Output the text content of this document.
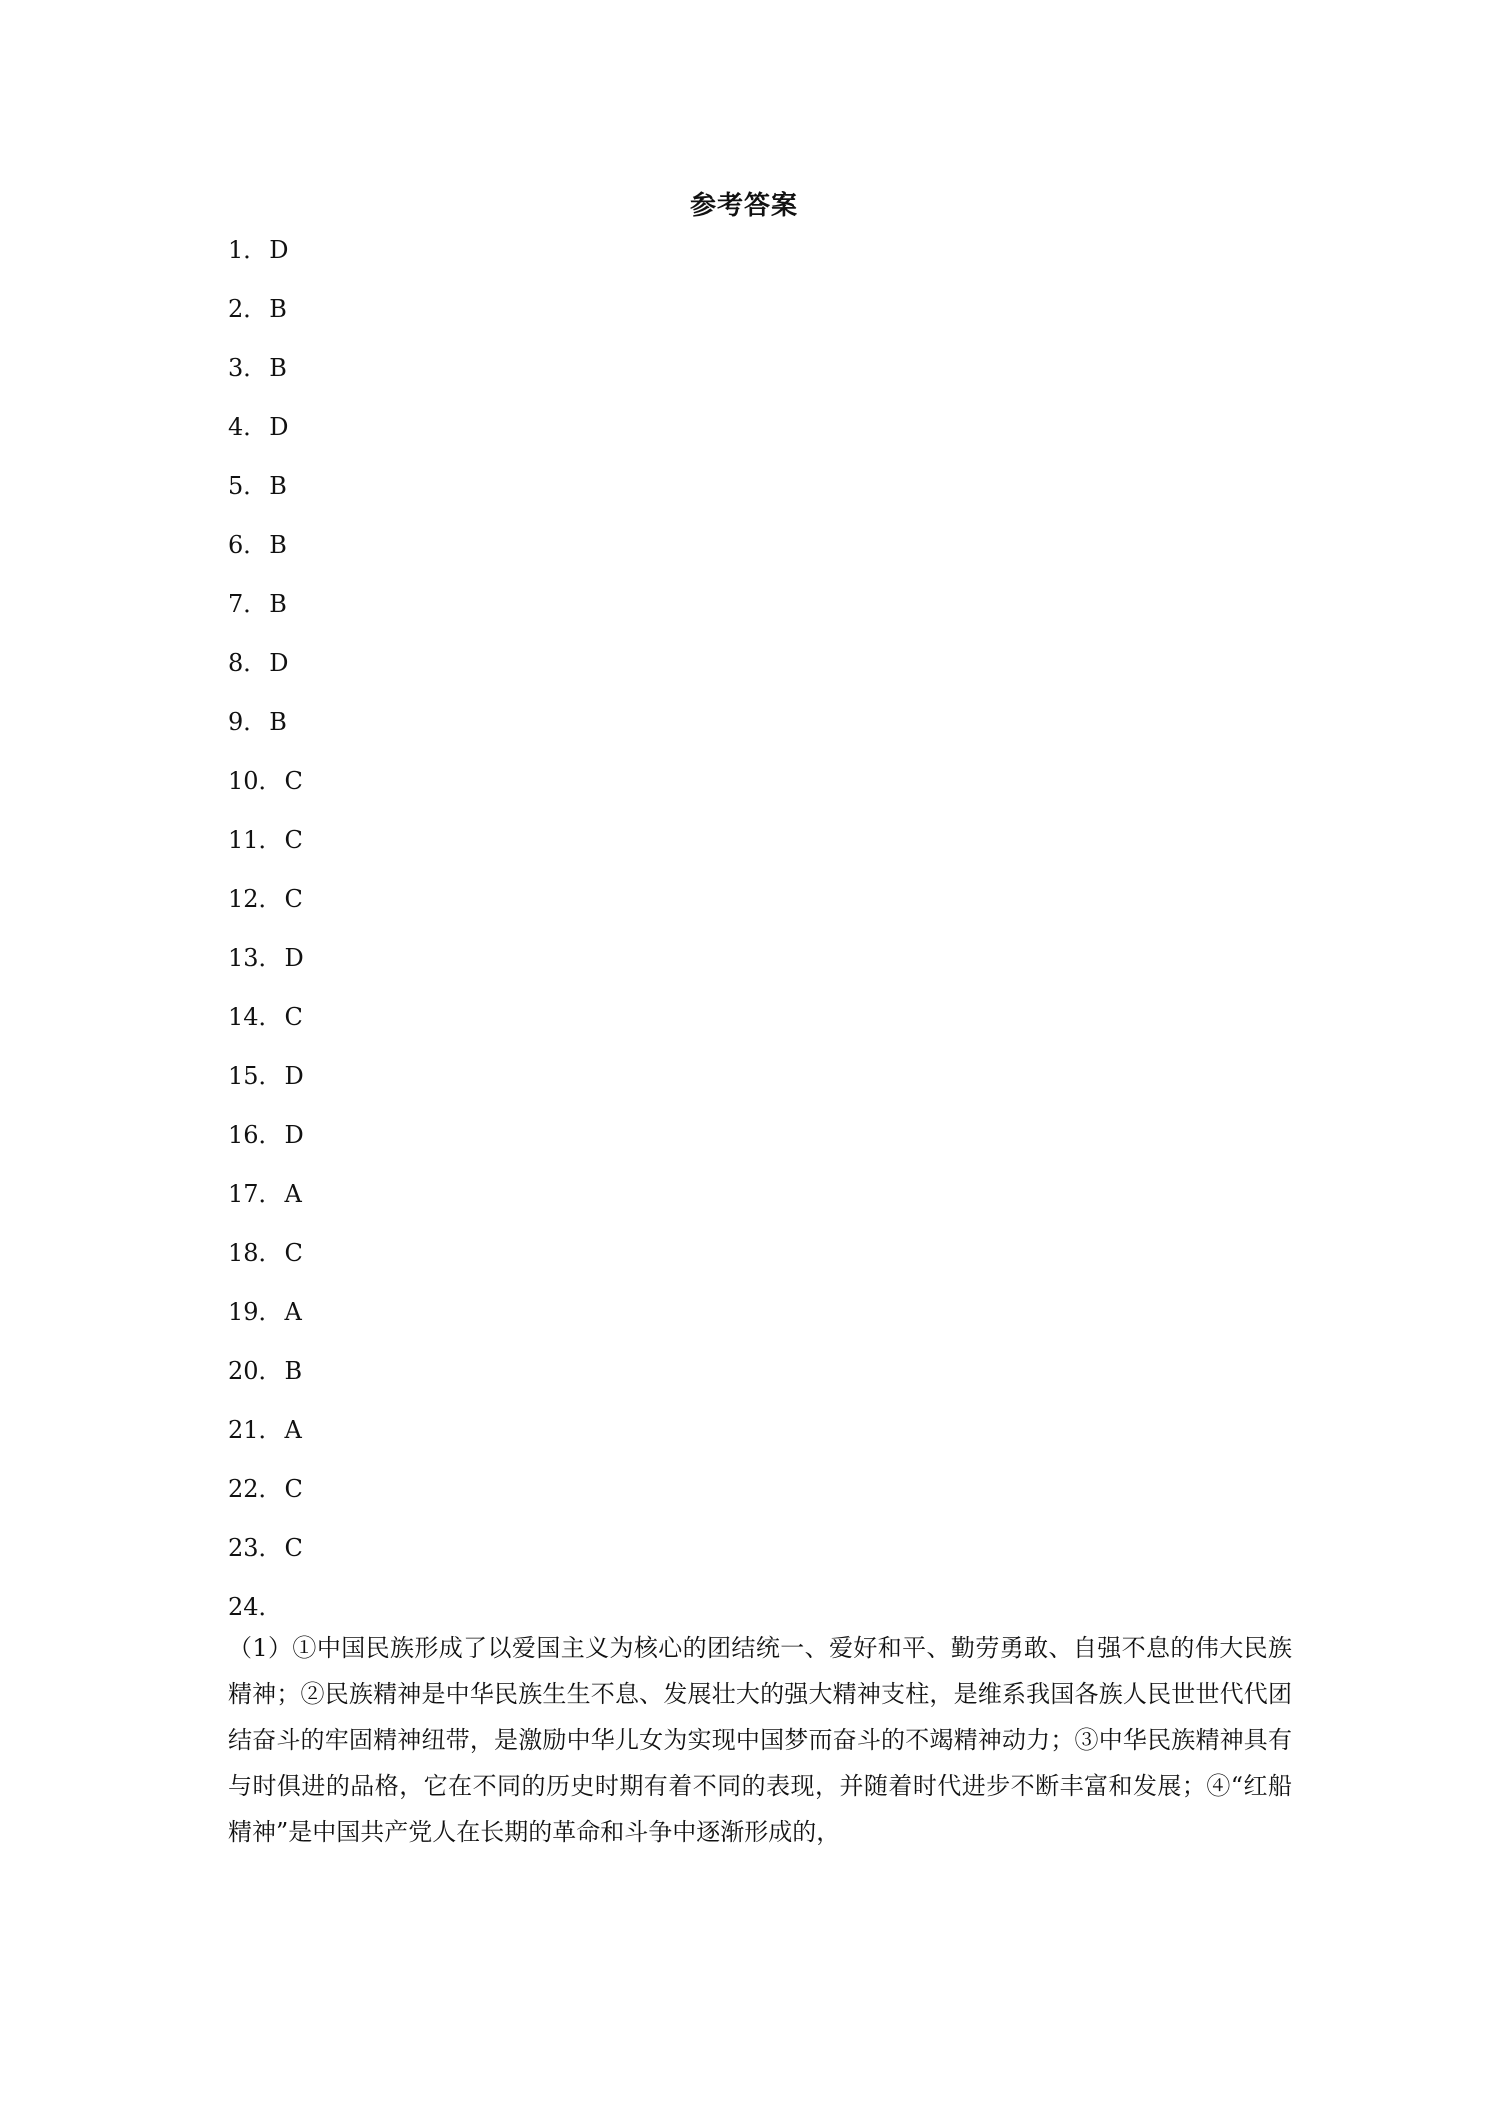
参考答案
1．D
2．B
3．B
4．D
5．B
6．B
7．B
8．D
9．B
10．C
11．C
12．C
13．D
14．C
15．D
16．D
17．A
18．C
19．A
20．B
21．A
22．C
23．C
24．
（1）①中国民族形成了以爱国主义为核心的团结统一、爱好和平、勤劳勇敢、自强不息的伟大民族精神；②民族精神是中华民族生生不息、发展壮大的强大精神支柱，是维系我国各族人民世世代代团结奋斗的牢固精神纽带，是激励中华儿女为实现中国梦而奋斗的不竭精神动力；③中华民族精神具有与时俱进的品格，它在不同的历史时期有着不同的表现，并随着时代进步不断丰富和发展；④“红船精神”是中国共产党人在长期的革命和斗争中逐渐形成的，
